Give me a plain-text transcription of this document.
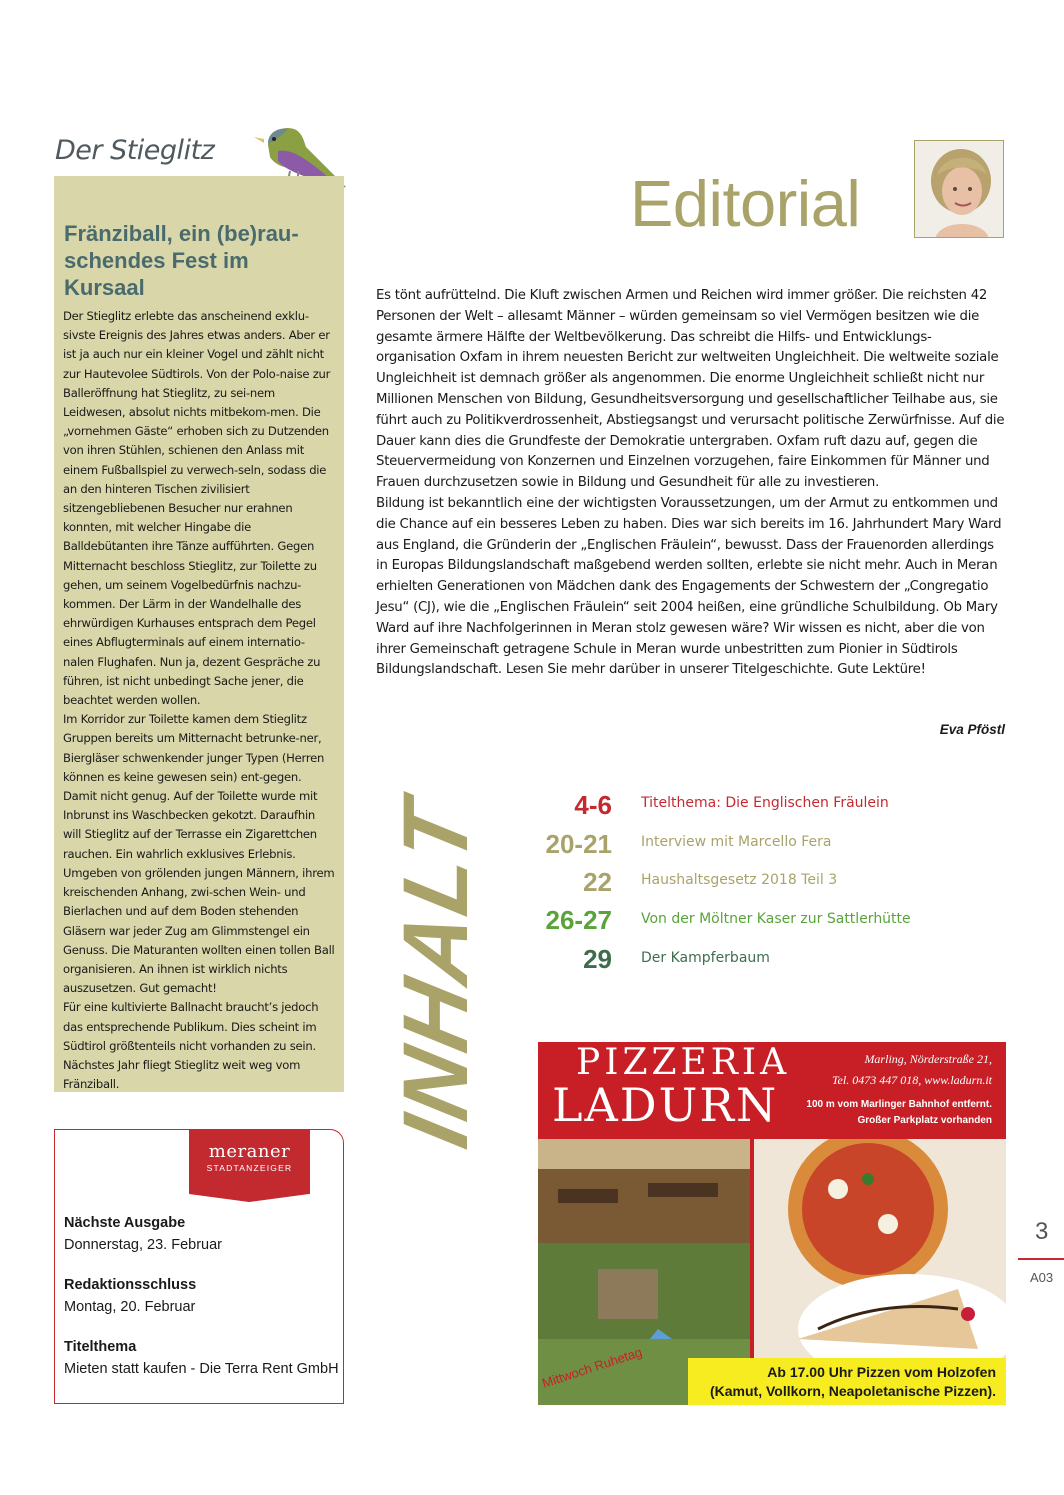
Der Stieglitz
Fränziball, ein (be)rau-
schendes Fest im Kursaal

Der Stieglitz erlebte das anscheinend exklu-sivste Ereignis des Jahres etwas anders. Aber er ist ja auch nur ein kleiner Vogel und zählt nicht zur Hautevolee Südtirols. Von der Polo-naise zur Balleröffnung hat Stieglitz, zu sei-nem Leidwesen, absolut nichts mitbekom-men. Die „vornehmen Gäste“ erhoben sich zu Dutzenden von ihren Stühlen, schienen den Anlass mit einem Fußballspiel zu verwech-seln, sodass die an den hinteren Tischen zivilisiert sitzengebliebenen Besucher nur erahnen konnten, mit welcher Hingabe die Balldebütanten ihre Tänze aufführten. Gegen Mitternacht beschloss Stieglitz, zur Toilette zu gehen, um seinem Vogelbedürfnis nachzu-kommen. Der Lärm in der Wandelhalle des ehrwürdigen Kurhauses entsprach dem Pegel eines Abflugterminals auf einem internatio-nalen Flughafen. Nun ja, dezent Gespräche zu führen, ist nicht unbedingt Sache jener, die beachtet werden wollen.

Im Korridor zur Toilette kamen dem Stieglitz Gruppen bereits um Mitternacht betrunke-ner, Biergläser schwenkender junger Typen (Herren können es keine gewesen sein) ent-gegen. Damit nicht genug. Auf der Toilette wurde mit Inbrunst ins Waschbecken gekotzt. Daraufhin will Stieglitz auf der Terrasse ein Zigarettchen rauchen. Ein wahrlich exklusives Erlebnis. Umgeben von grölenden jungen Männern, ihrem kreischenden Anhang, zwi-schen Wein- und Bierlachen und auf dem Boden stehenden Gläsern war jeder Zug am Glimmstengel ein Genuss. Die Maturanten wollten einen tollen Ball organisieren. An ihnen ist wirklich nichts auszusetzen. Gut gemacht!

Für eine kultivierte Ballnacht braucht’s jedoch das entsprechende Publikum. Dies scheint im Südtirol größtenteils nicht vorhanden zu sein. Nächstes Jahr fliegt Stieglitz weit weg vom Fränziball.

meraner
STADTANZEIGER
Nächste Ausgabe
Donnerstag, 23. Februar
Redaktionsschluss
Montag, 20. Februar
Titelthema
Mieten statt kaufen - Die Terra Rent GmbH
Editorial

Es tönt aufrüttelnd. Die Kluft zwischen Armen und Reichen wird immer größer. Die reichsten 42 Personen der Welt – allesamt Männer – würden gemeinsam so viel Vermögen besitzen wie die gesamte ärmere Hälfte der Weltbevölkerung. Das schreibt die Hilfs- und Entwicklungs-organisation Oxfam in ihrem neuesten Bericht zur weltweiten Ungleichheit. Die weltweite soziale Ungleichheit ist demnach größer als angenommen. Die enorme Ungleichheit schließt nicht nur Millionen Menschen von Bildung, Gesundheitsversorgung und gesellschaftlicher Teilhabe aus, sie führt auch zu Politikverdrossenheit, Abstiegsangst und verursacht politische Zerwürfnisse. Auf die Dauer kann dies die Grundfeste der Demokratie untergraben. Oxfam ruft dazu auf, gegen die Steuervermeidung von Konzernen und Einzelnen vorzugehen, faire Einkommen für Männer und Frauen durchzusetzen sowie in Bildung und Gesundheit für alle zu investieren.

Bildung ist bekanntlich eine der wichtigsten Voraussetzungen, um der Armut zu entkommen und die Chance auf ein besseres Leben zu haben. Dies war sich bereits im 16. Jahrhundert Mary Ward aus England, die Gründerin der „Englischen Fräulein“, bewusst. Dass der Frauenorden allerdings in Europas Bildungslandschaft maßgebend werden sollten, erlebte sie nicht mehr. Auch in Meran erhielten Generationen von Mädchen dank des Engagements der Schwestern der „Congregatio Jesu“ (CJ), wie die „Englischen Fräulein“ seit 2004 heißen, eine gründliche Schulbildung. Ob Mary Ward auf ihre Nachfolgerinnen in Meran stolz gewesen wäre? Wir wissen es nicht, aber die von ihrer Gemeinschaft getragene Schule in Meran wurde unbestritten zum Pionier in Südtirols Bildungslandschaft. Lesen Sie mehr darüber in unserer Titelgeschichte. Gute Lektüre!

Eva Pföstl
INHALT	4-6 Titelthema: Die Englischen Fräulein
20-21 Interview mit Marcello Fera
22 Haushaltsgesetz 2018 Teil 3
26-27 Von der Möltner Kaser zur Sattlerhütte
29 Der Kampferbaum
PIZZERIA
LADURN
Marling, Nörderstraße 21,
Tel. 0473 447 018, www.ladurn.it
100 m vom Marlinger Bahnhof entfernt.
Großer Parkplatz vorhanden
Ab 17.00 Uhr Pizzen vom Holzofen
(Kamut, Vollkorn, Neapoletanische Pizzen).
Mittwoch Ruhetag
3
A03
